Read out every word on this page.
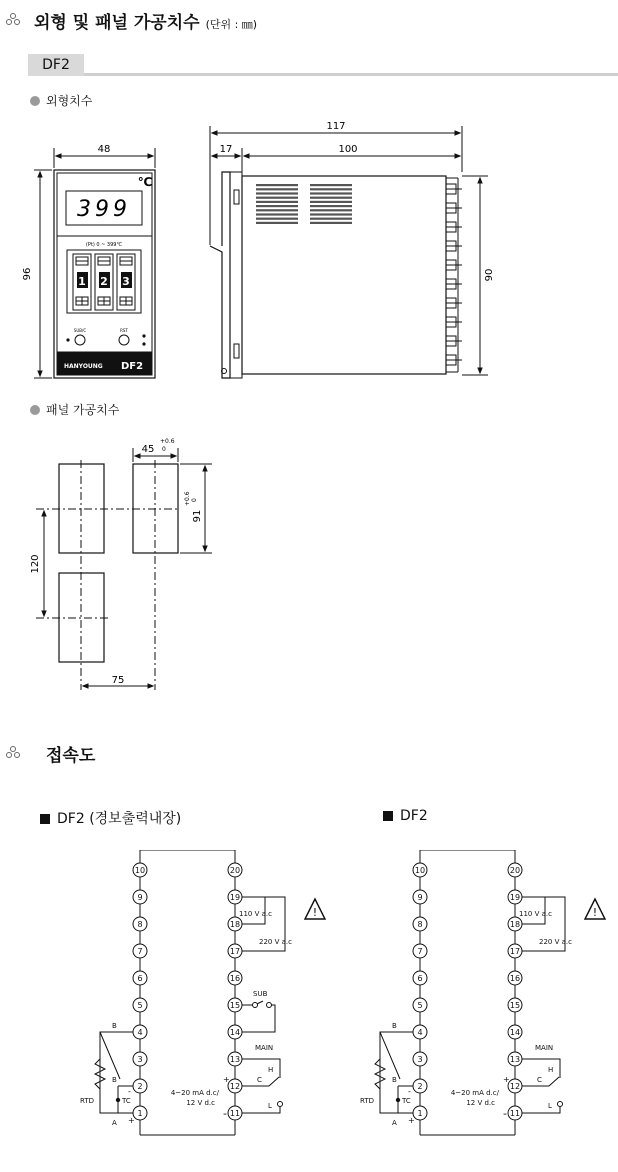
외형 및 패널 가공치수 (단위 : ㎜)
DF2
외형치수
48
96
℃
399
(Pt) 0 ~ 399℃
1 2 3
SUB/C	RST
HANYOUNG DF2
117
17	100
90
패널 가공치수
45
+0.6
0
91
+0.6 0
120
75
접속도
DF2 (경보출력내장)	DF2
10	20
9	19
8	18
7	17
6	16
5	15
4	14
3	13
2	12
1	11
110 V a.c
220 V a.c
!
SUB
MAIN
H
C
L
+
-
4~20 mA d.c/
12 V d.c
TC
B
B
A
RTD
-
+
10	20
9	19
8	18
7	17
6	16
5	15
4	14
3	13
2	12
1	11
110 V a.c
220 V a.c
!
MAIN
H
C
L
+
-
4~20 mA d.c/
12 V d.c
TC
B
B
A
RTD
-
+
